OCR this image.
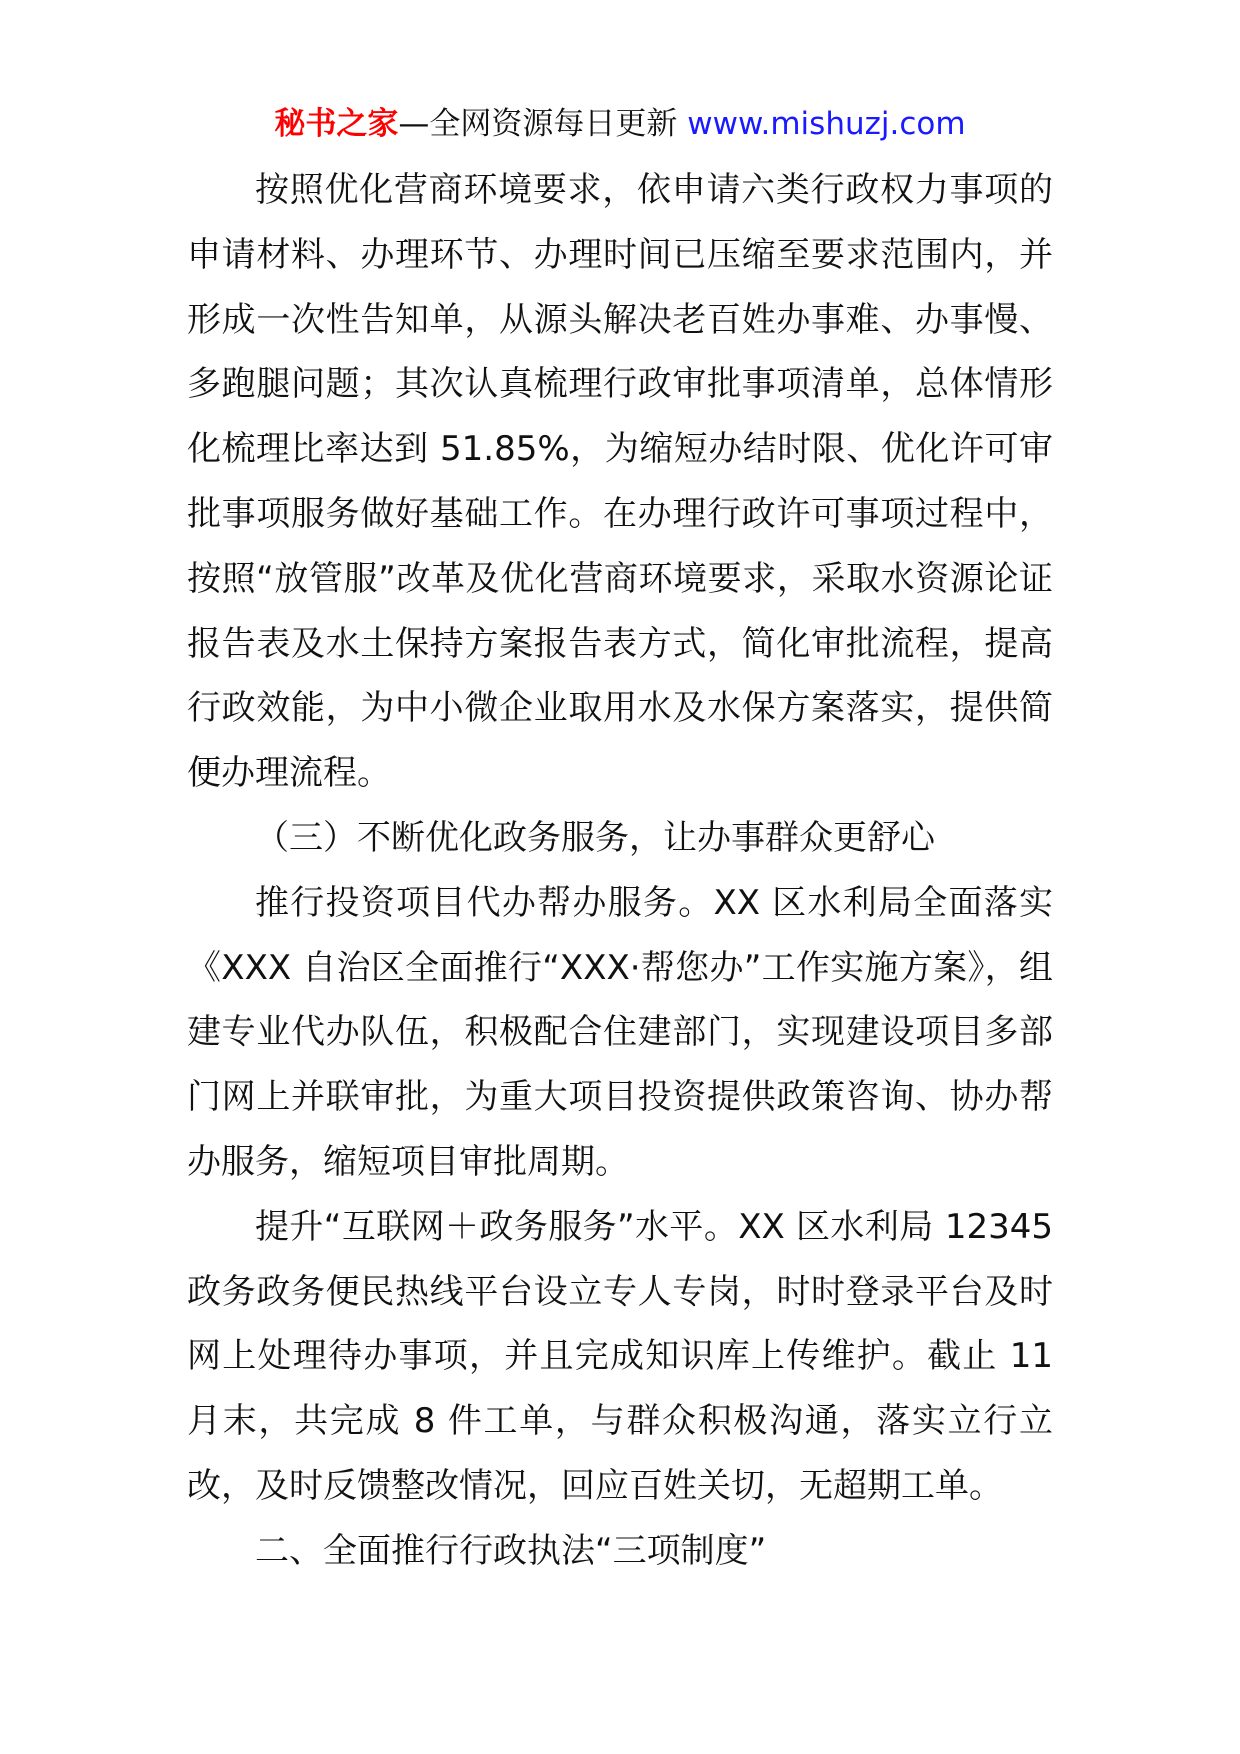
秘书之家—全网资源每日更新 www.mishuzj.com

按照优化营商环境要求，依申请六类行政权力事项的申请材料、办理环节、办理时间已压缩至要求范围内，并形成一次性告知单，从源头解决老百姓办事难、办事慢、多跑腿问题；其次认真梳理行政审批事项清单，总体情形化梳理比率达到 51.85%，为缩短办结时限、优化许可审批事项服务做好基础工作。在办理行政许可事项过程中，按照“放管服”改革及优化营商环境要求，采取水资源论证报告表及水土保持方案报告表方式，简化审批流程，提高行政效能，为中小微企业取用水及水保方案落实，提供简便办理流程。

（三）不断优化政务服务，让办事群众更舒心

推行投资项目代办帮办服务。XX 区水利局全面落实《XXX 自治区全面推行“XXX·帮您办”工作实施方案》，组建专业代办队伍，积极配合住建部门，实现建设项目多部门网上并联审批，为重大项目投资提供政策咨询、协办帮办服务，缩短项目审批周期。

提升“互联网＋政务服务”水平。XX 区水利局 12345 政务政务便民热线平台设立专人专岗，时时登录平台及时网上处理待办事项，并且完成知识库上传维护。截止 11 月末，共完成 8 件工单，与群众积极沟通，落实立行立改，及时反馈整改情况，回应百姓关切，无超期工单。

二、全面推行行政执法“三项制度”
